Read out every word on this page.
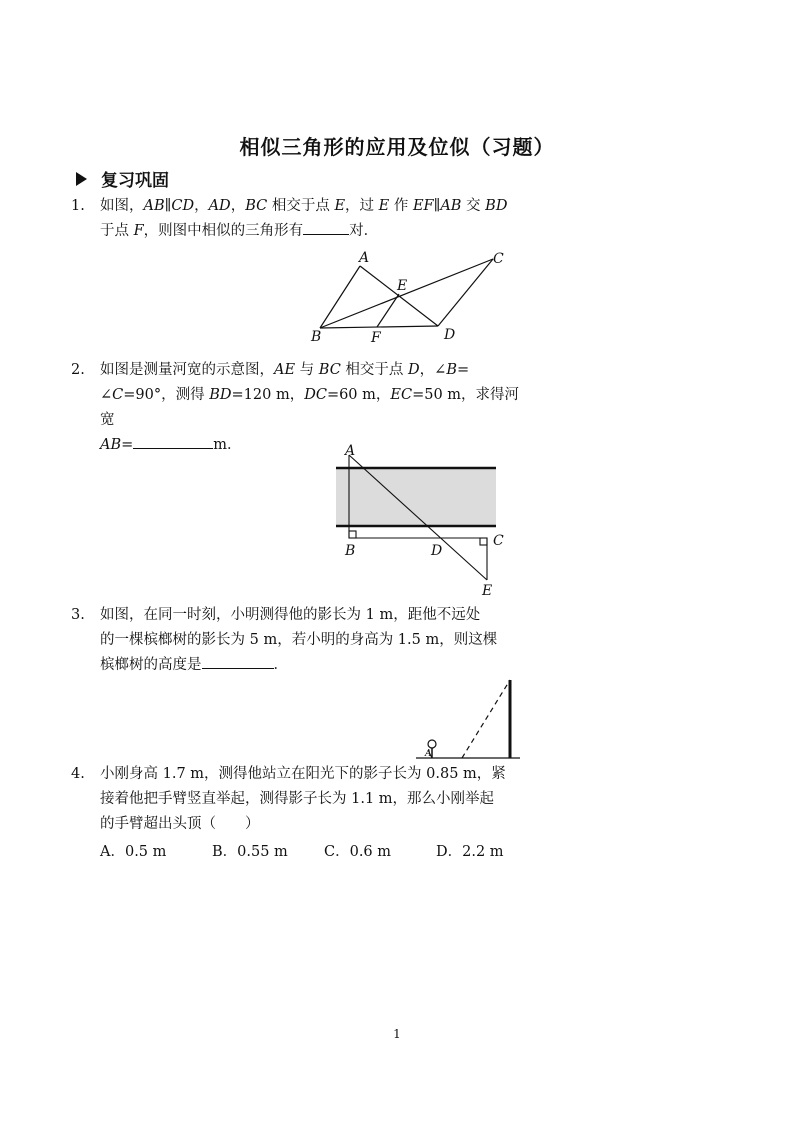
相似三角形的应用及位似（习题）
复习巩固
1. 如图，AB∥CD，AD，BC 相交于点 E，过 E 作 EF∥AB 交 BD
于点 F，则图中相似的三角形有	对．
A	C
E
B	F	D
2. 如图是测量河宽的示意图，AE 与 BC 相交于点 D，∠B=
∠C=90°，测得 BD=120 m，DC=60 m，EC=50 m，求得河宽
AB=	m．	A
B	D
C
E
3. 如图，在同一时刻，小明测得他的影长为 1 m，距他不远处
的一棵槟榔树的影长为 5 m，若小明的身高为 1.5 m，则这棵
槟榔树的高度是	．
A
4. 小刚身高 1.7 m，测得他站立在阳光下的影子长为 0.85 m，紧
接着他把手臂竖直举起，测得影子长为 1.1 m，那么小刚举起
的手臂超出头顶（　　）
A．0.5 m	B．0.55 m	C．0.6 m	D．2.2 m
1
